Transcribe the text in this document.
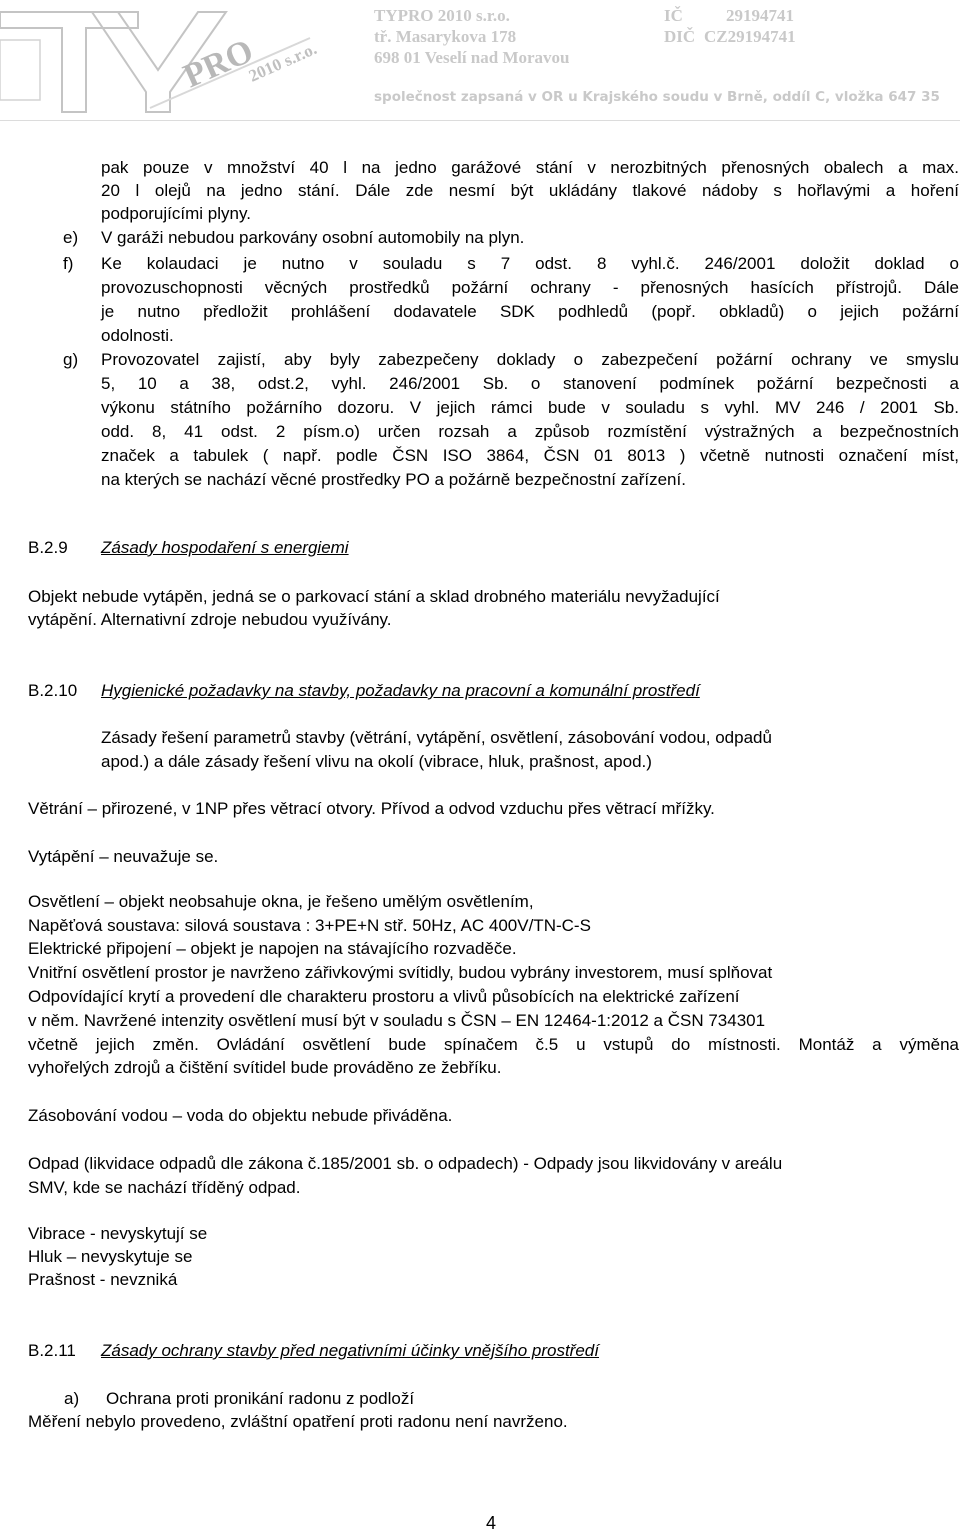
PRO
2010 s.r.o.
TYPRO 2010 s.r.o.
tř. Masarykova 178
698 01 Veselí nad Moravou
IČ	29194741
DIČ CZ29194741
společnost zapsaná v OR u Krajského soudu v Brně, oddíl C, vložka 647 35
pak pouze v množství 40 l na jedno garážové stání v nerozbitných přenosných obalech a max.
20 l olejů na jedno stání. Dále zde nesmí být ukládány tlakové nádoby s hořlavými a hoření
podporujícími plyny.
e) V garáži nebudou parkovány osobní automobily na plyn.
f) Ke kolaudaci je nutno v souladu s 7 odst. 8 vyhl.č. 246/2001 doložit doklad o
provozuschopnosti věcných prostředků požární ochrany - přenosných hasících přístrojů. Dále
je nutno předložit prohlášení dodavatele SDK podhledů (popř. obkladů) o jejich požární
odolnosti.
g) Provozovatel zajistí, aby byly zabezpečeny doklady o zabezpečení požární ochrany ve smyslu
5, 10 a 38, odst.2, vyhl. 246/2001 Sb. o stanovení podmínek požární bezpečnosti a
výkonu státního požárního dozoru. V jejich rámci bude v souladu s vyhl. MV 246 / 2001 Sb.
odd. 8, 41 odst. 2 písm.o) určen rozsah a způsob rozmístění výstražných a bezpečnostních
značek a tabulek ( např. podle ČSN ISO 3864, ČSN 01 8013 ) včetně nutnosti označení míst,
na kterých se nachází věcné prostředky PO a požárně bezpečnostní zařízení.
B.2.9 Zásady hospodaření s energiemi
Objekt nebude vytápěn, jedná se o parkovací stání a sklad drobného materiálu nevyžadující
vytápění. Alternativní zdroje nebudou využívány.
B.2.10 Hygienické požadavky na stavby, požadavky na pracovní a komunální prostředí
Zásady řešení parametrů stavby (větrání, vytápění, osvětlení, zásobování vodou, odpadů
apod.) a dále zásady řešení vlivu na okolí (vibrace, hluk, prašnost, apod.)
Větrání – přirozené, v 1NP přes větrací otvory. Přívod a odvod vzduchu přes větrací mřížky.
Vytápění – neuvažuje se.
Osvětlení – objekt neobsahuje okna, je řešeno umělým osvětlením,
Napěťová soustava: silová soustava : 3+PE+N stř. 50Hz, AC 400V/TN-C-S
Elektrické připojení – objekt je napojen na stávajícího rozvaděče.
Vnitřní osvětlení prostor je navrženo zářivkovými svítidly, budou vybrány investorem, musí splňovat
Odpovídající krytí a provedení dle charakteru prostoru a vlivů působících na elektrické zařízení
v něm. Navržené intenzity osvětlení musí být v souladu s ČSN – EN 12464-1:2012 a ČSN 734301
včetně jejich změn. Ovládání osvětlení bude spínačem č.5 u vstupů do místnosti. Montáž a výměna
vyhořelých zdrojů a čištění svítidel bude prováděno ze žebříku.
Zásobování vodou – voda do objektu nebude přiváděna.
Odpad (likvidace odpadů dle zákona č.185/2001 sb. o odpadech) - Odpady jsou likvidovány v areálu
SMV, kde se nachází tříděný odpad.
Vibrace - nevyskytují se
Hluk – nevyskytuje se
Prašnost - nevzniká
B.2.11 Zásady ochrany stavby před negativními účinky vnějšího prostředí
a) Ochrana proti pronikání radonu z podloží
Měření nebylo provedeno, zvláštní opatření proti radonu není navrženo.
4
